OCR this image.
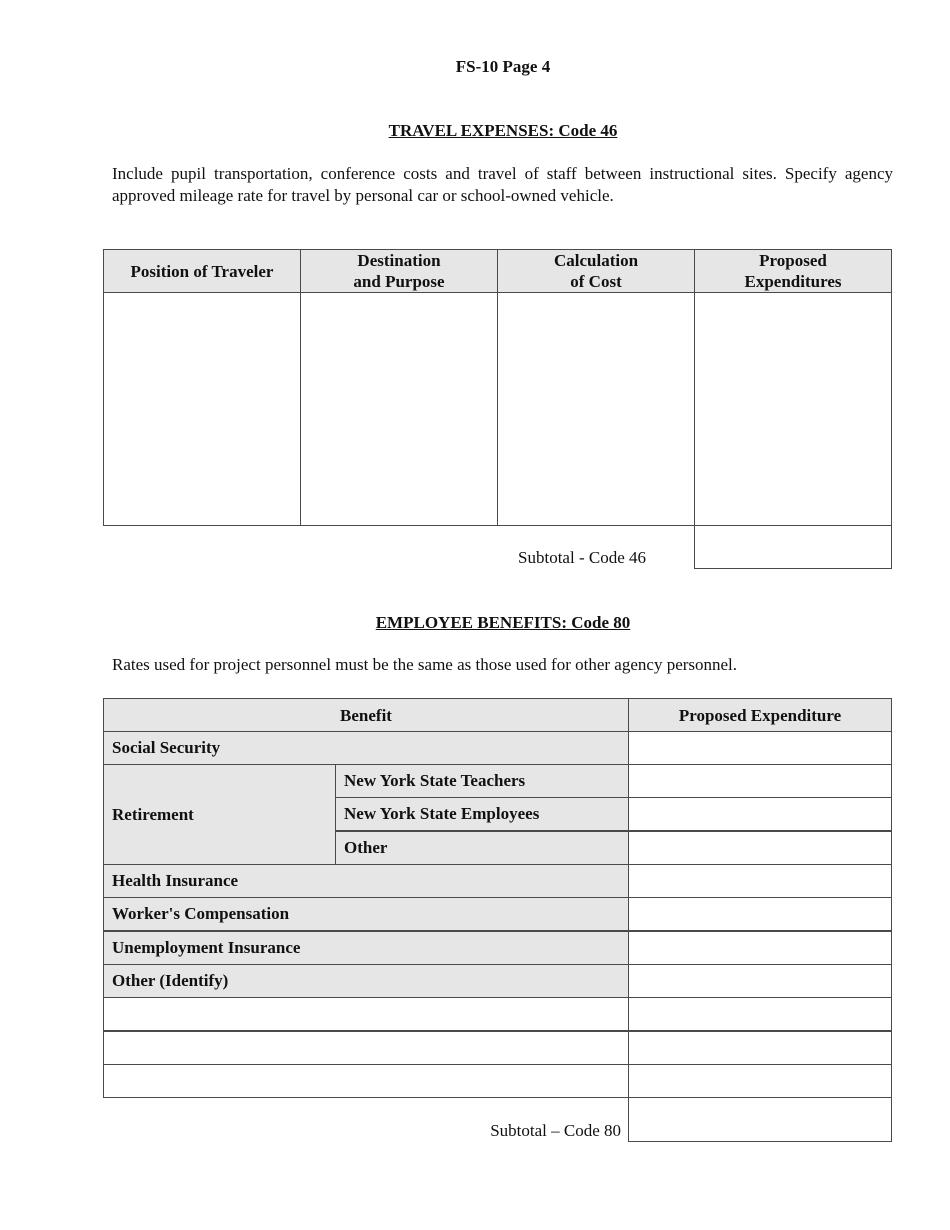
FS-10 Page 4
TRAVEL EXPENSES: Code 46
Include pupil transportation, conference costs and travel of staff between instructional sites. Specify agency approved mileage rate for travel by personal car or school-owned vehicle.
Position of Traveler
Destination
and Purpose
Calculation
of Cost
Proposed
Expenditures
Subtotal - Code 46
EMPLOYEE BENEFITS: Code 80
Rates used for project personnel must be the same as those used for other agency personnel.
Benefit	Proposed Expenditure
Social Security
Retirement
New York State Teachers
New York State Employees
Other
Health Insurance
Worker's Compensation
Unemployment Insurance
Other (Identify)
Subtotal – Code 80
